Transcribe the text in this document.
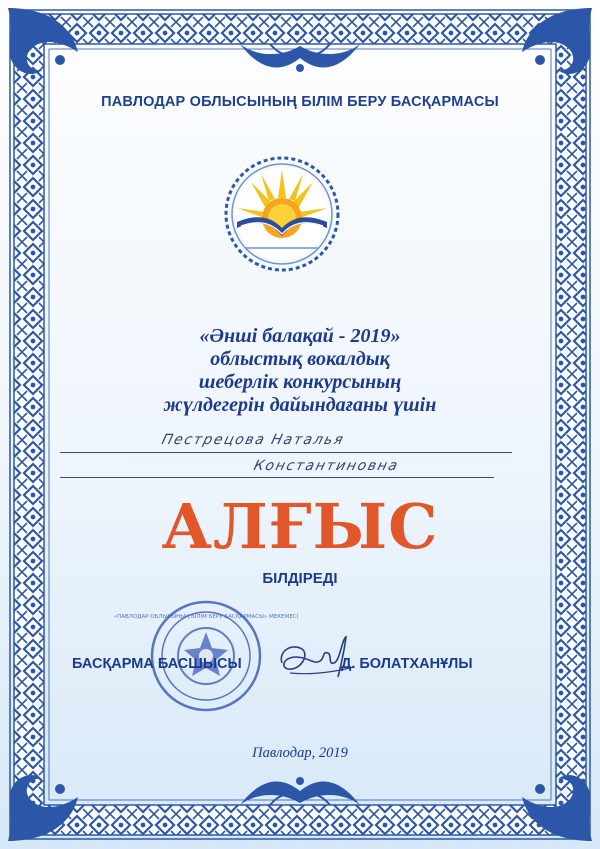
ПАВЛОДАР ОБЛЫСЫНЫҢ БІЛІМ БЕРУ БАСҚАРМАСЫ
«Әнші балақай - 2019»
облыстық вокалдық
шеберлік конкурсының
жүлдегерін дайындағаны үшін
Пестрецова Наталья
Константиновна
АЛҒЫС
БІЛДІРЕДІ
«ПАВЛОДАР ОБЛЫСЫНЫҢ БІЛІМ БЕРУ БАСҚАРМАСЫ» МЕКЕМЕСІ
БАСҚАРМА БАСШЫСЫ	Д. БОЛАТХАНҰЛЫ
Павлодар, 2019
